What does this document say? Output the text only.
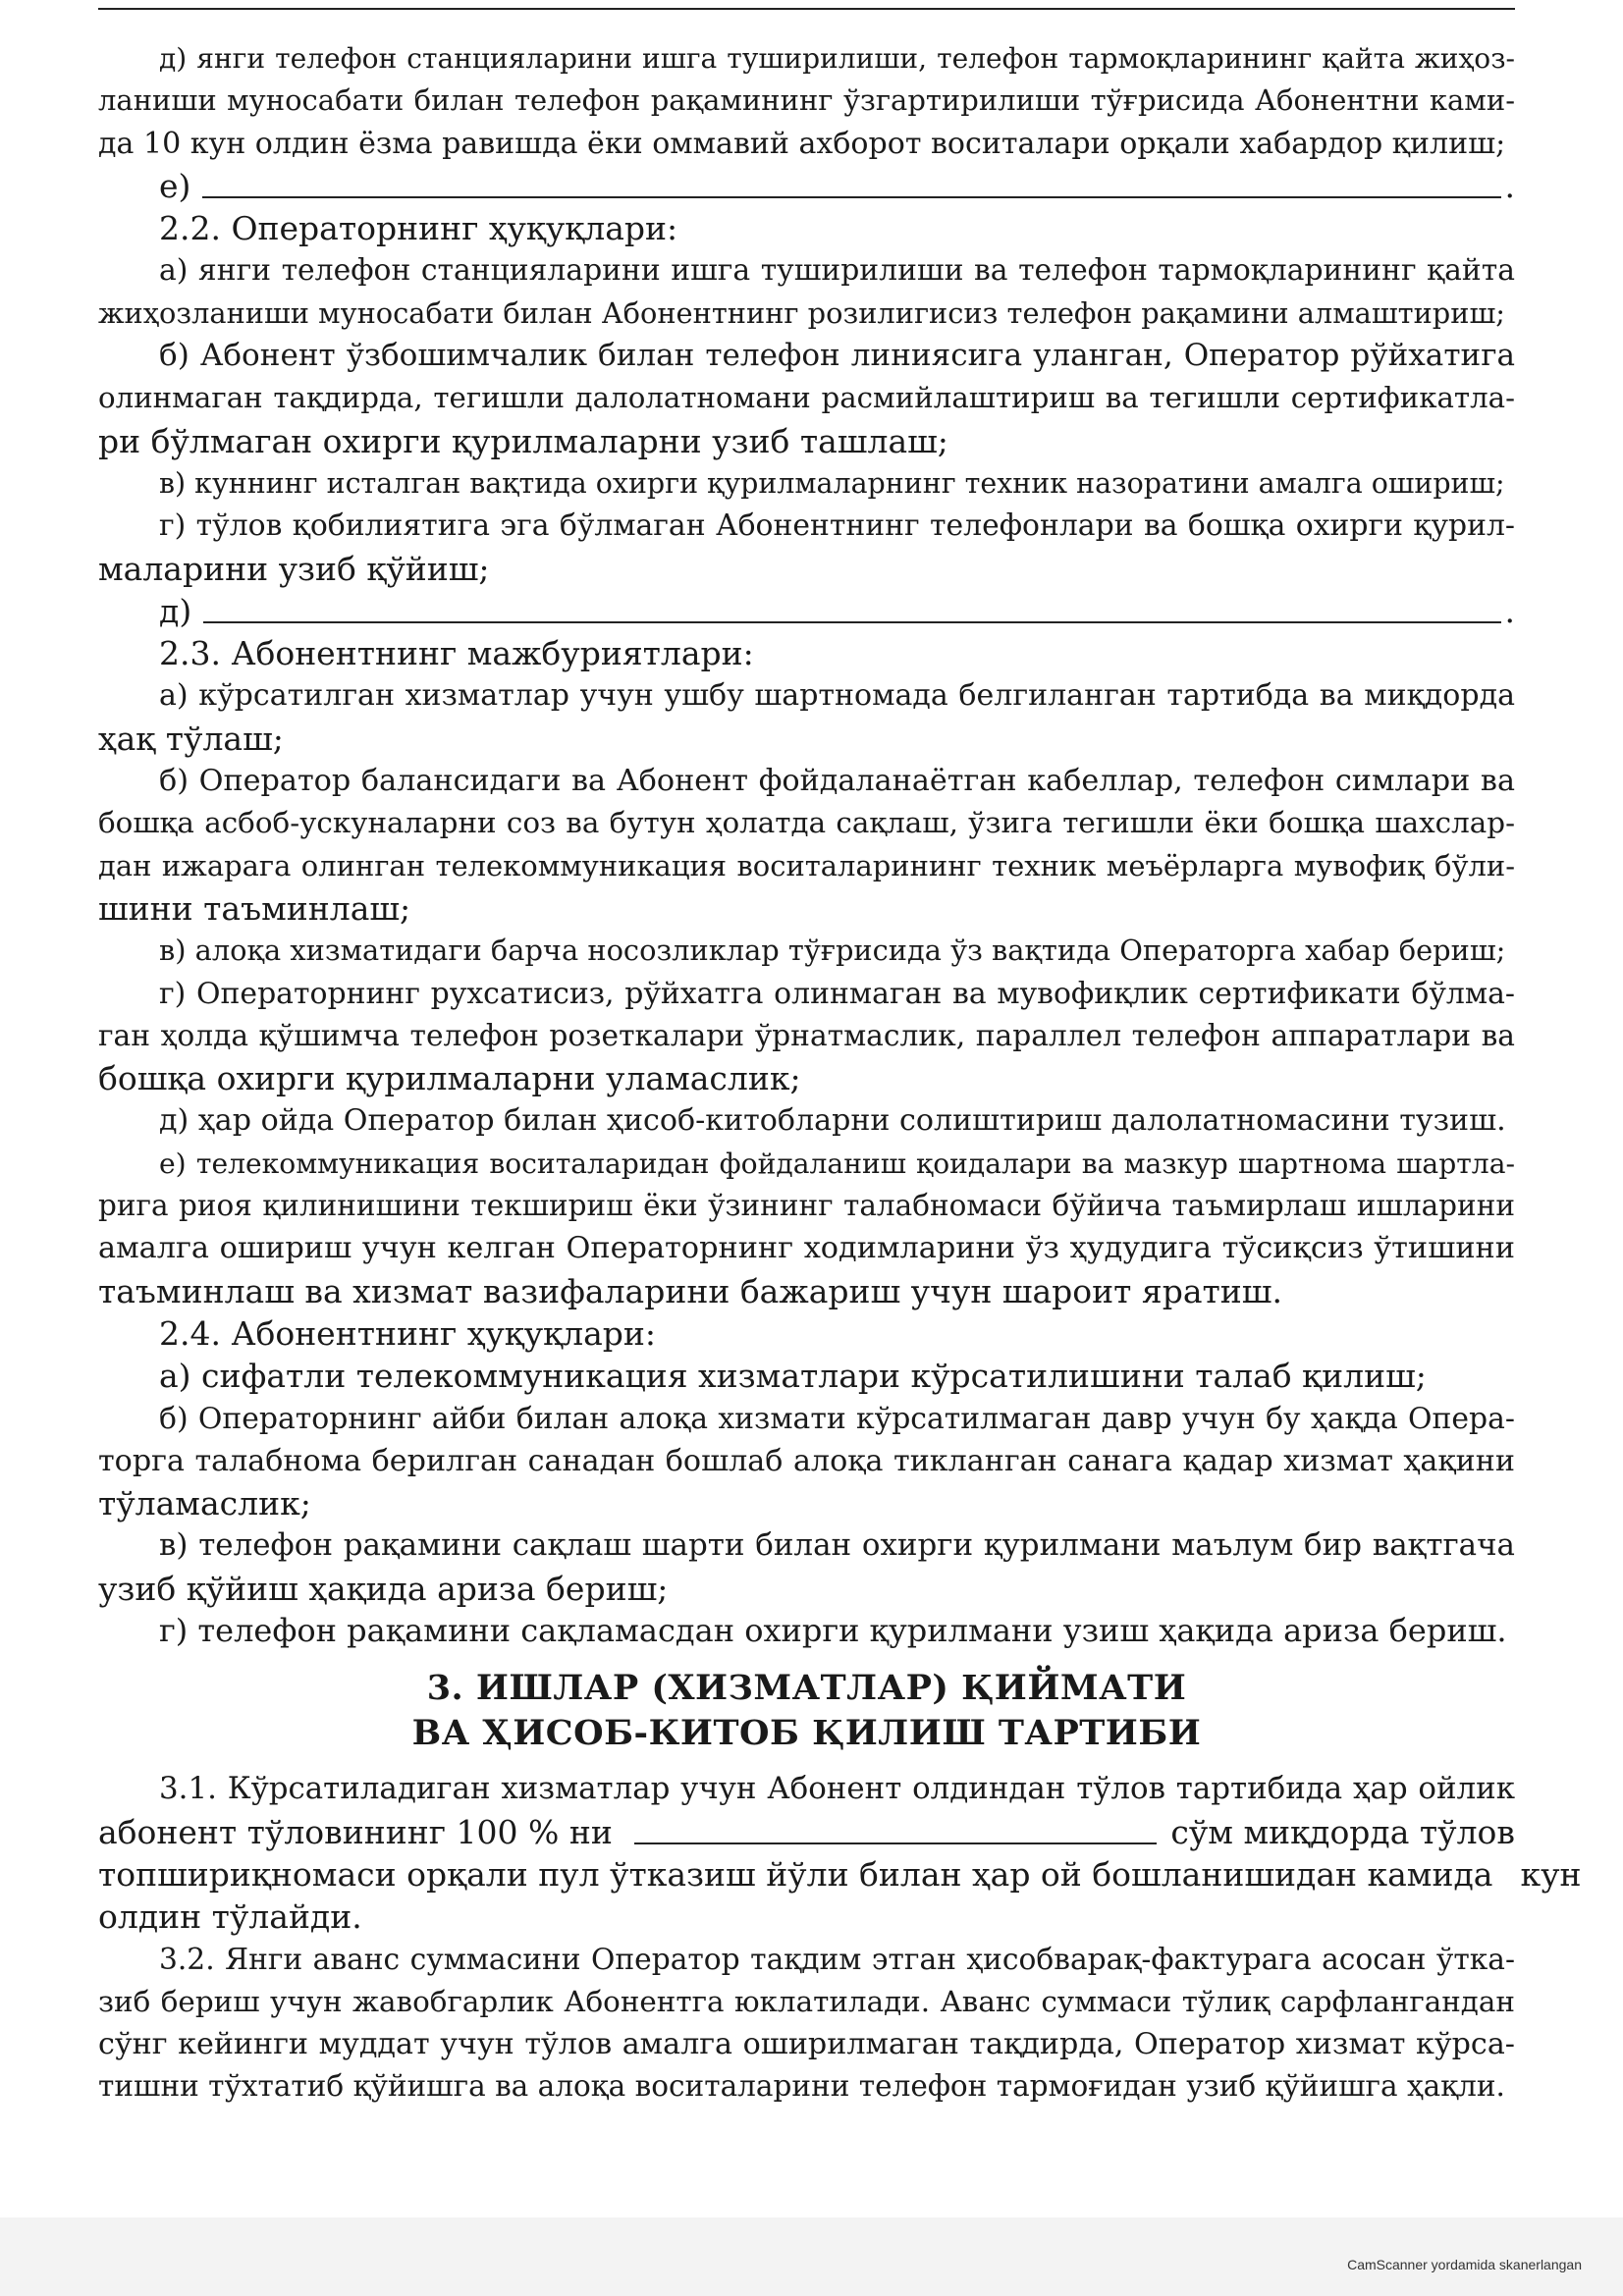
д) янги телефон станцияларини ишга туширилиши, телефон тармоқларининг қайта жиҳоз-
ланиши муносабати билан телефон рақамининг ўзгартирилиши тўғрисида Абонентни ками-
да 10 кун олдин ёзма равишда ёки оммавий ахборот воситалари орқали хабардор қилиш;
е)	.
2.2. Операторнинг ҳуқуқлари:
а) янги телефон станцияларини ишга туширилиши ва телефон тармоқларининг қайта
жиҳозланиши муносабати билан Абонентнинг розилигисиз телефон рақамини алмаштириш;
б) Абонент ўзбошимчалик билан телефон линиясига уланган, Оператор рўйхатига
олинмаган тақдирда, тегишли далолатномани расмийлаштириш ва тегишли сертификатла-
ри бўлмаган охирги қурилмаларни узиб ташлаш;
в) куннинг исталган вақтида охирги қурилмаларнинг техник назоратини амалга ошириш;
г) тўлов қобилиятига эга бўлмаган Абонентнинг телефонлари ва бошқа охирги қурил-
маларини узиб қўйиш;
д)	.
2.3. Абонентнинг мажбуриятлари:
а) кўрсатилган хизматлар учун ушбу шартномада белгиланган тартибда ва миқдорда
ҳақ тўлаш;
б) Оператор балансидаги ва Абонент фойдаланаётган кабеллар, телефон симлари ва
бошқа асбоб-ускуналарни соз ва бутун ҳолатда сақлаш, ўзига тегишли ёки бошқа шахслар-
дан ижарага олинган телекоммуникация воситаларининг техник меъёрларга мувофиқ бўли-
шини таъминлаш;
в) алоқа хизматидаги барча носозликлар тўғрисида ўз вақтида Операторга хабар бериш;
г) Операторнинг рухсатисиз, рўйхатга олинмаган ва мувофиқлик сертификати бўлма-
ган ҳолда қўшимча телефон розеткалари ўрнатмаслик, параллел телефон аппаратлари ва
бошқа охирги қурилмаларни уламаслик;
д) ҳар ойда Оператор билан ҳисоб-китобларни солиштириш далолатномасини тузиш.
е) телекоммуникация воситаларидан фойдаланиш қоидалари ва мазкур шартнома шартла-
рига риоя қилинишини текшириш ёки ўзининг талабномаси бўйича таъмирлаш ишларини
амалга ошириш учун келган Операторнинг ходимларини ўз ҳудудига тўсиқсиз ўтишини
таъминлаш ва хизмат вазифаларини бажариш учун шароит яратиш.
2.4. Абонентнинг ҳуқуқлари:
а) сифатли телекоммуникация хизматлари кўрсатилишини талаб қилиш;
б) Операторнинг айби билан алоқа хизмати кўрсатилмаган давр учун бу ҳақда Опера-
торга талабнома берилган санадан бошлаб алоқа тикланган санага қадар хизмат ҳақини
тўламаслик;
в) телефон рақамини сақлаш шарти билан охирги қурилмани маълум бир вақтгача
узиб қўйиш ҳақида ариза бериш;
г) телефон рақамини сақламасдан охирги қурилмани узиш ҳақида ариза бериш.
3. ИШЛАР (ХИЗМАТЛАР) ҚИЙМАТИ
ВА ҲИСОБ-КИТОБ ҚИЛИШ ТАРТИБИ
3.1. Кўрсатиладиган хизматлар учун Абонент олдиндан тўлов тартибида ҳар ойлик
абонент тўловининг 100 % ни	сўм миқдорда тўлов
топшириқномаси орқали пул ўтказиш йўли билан ҳар ой бошланишидан камида кун
олдин тўлайди.
3.2. Янги аванс суммасини Оператор тақдим этган ҳисобварақ-фактурага асосан ўтка-
зиб бериш учун жавобгарлик Абонентга юклатилади. Аванс суммаси тўлиқ сарфлангандан
сўнг кейинги муддат учун тўлов амалга оширилмаган тақдирда, Оператор хизмат кўрса-
тишни тўхтатиб қўйишга ва алоқа воситаларини телефон тармоғидан узиб қўйишга ҳақли.
CamScanner yordamida skanerlangan
